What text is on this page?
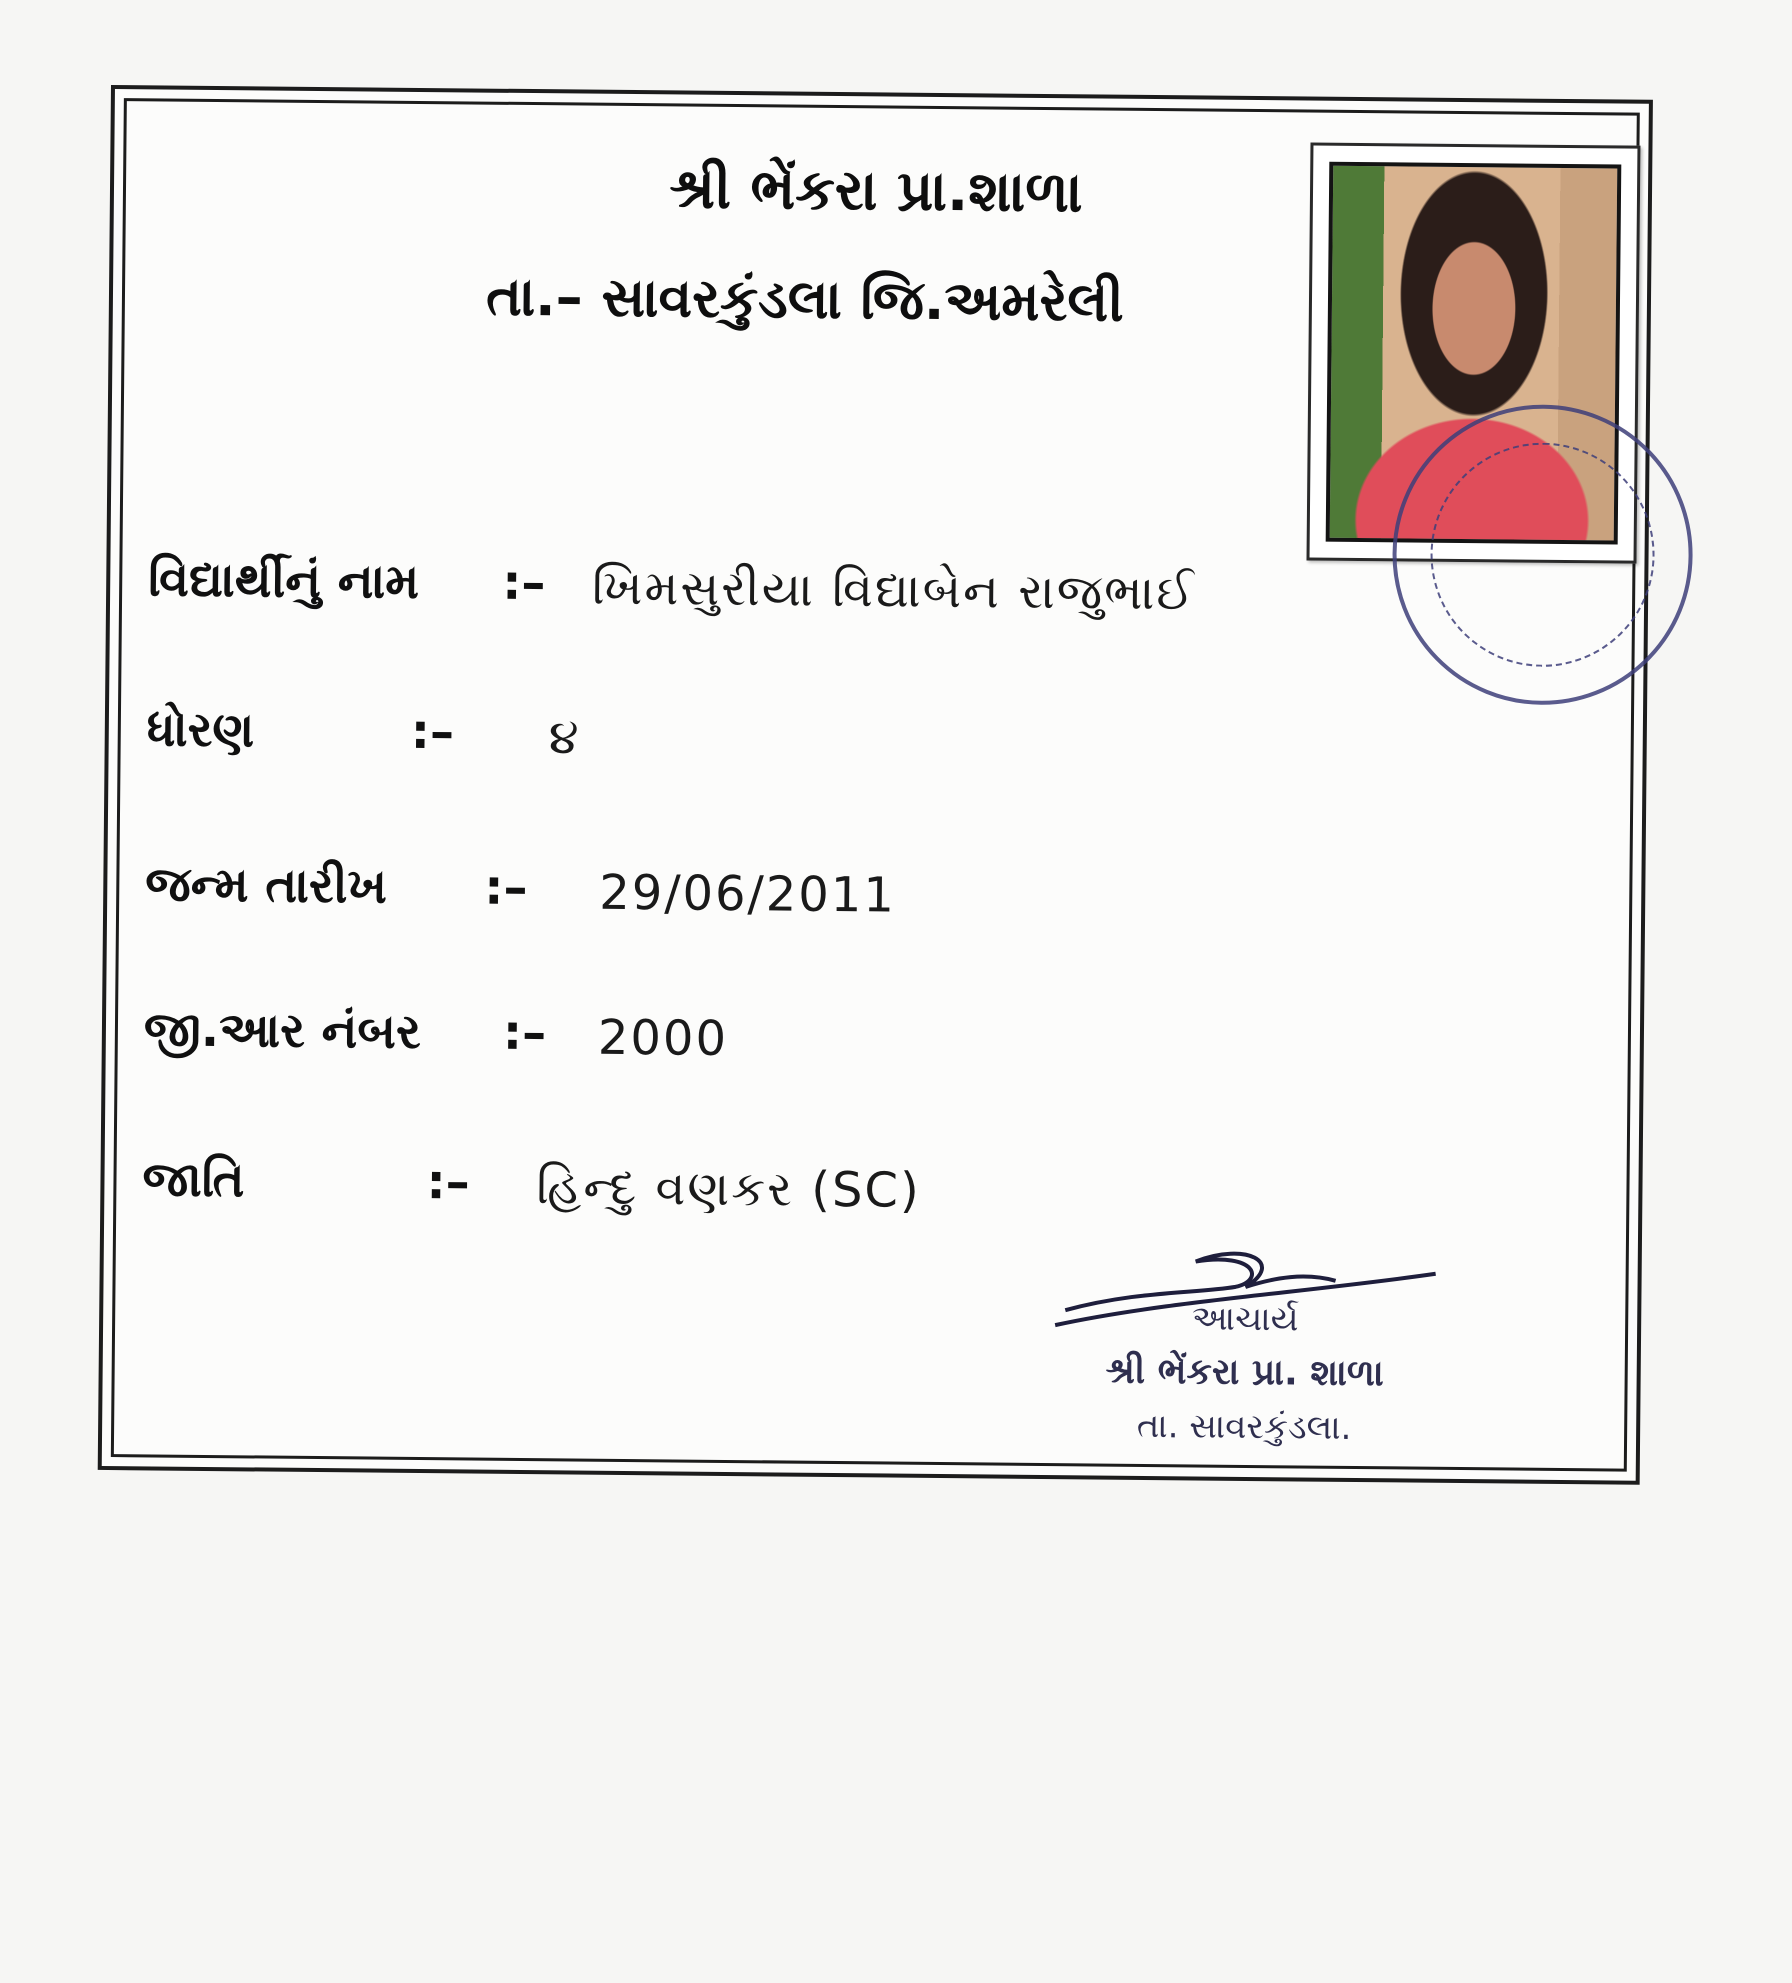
શ્રી ભેંકરા પ્રા.શાળા
તા.– સાવરકુંડલા જિ.અમરેલી
વિદ્યાર્થીનું નામ :– ખિમસુરીયા વિદ્યાબેન રાજુભાઈ
ધોરણ	:– ૪
જન્મ તારીખ :– 29/06/2011
જી.આર નંબર :– 2000
જાતિ	:– હિન્દુ વણકર (SC)
આચાર્ય
શ્રી ભેંકરા પ્રા. શાળા
તા. સાવરકુંડલા.
